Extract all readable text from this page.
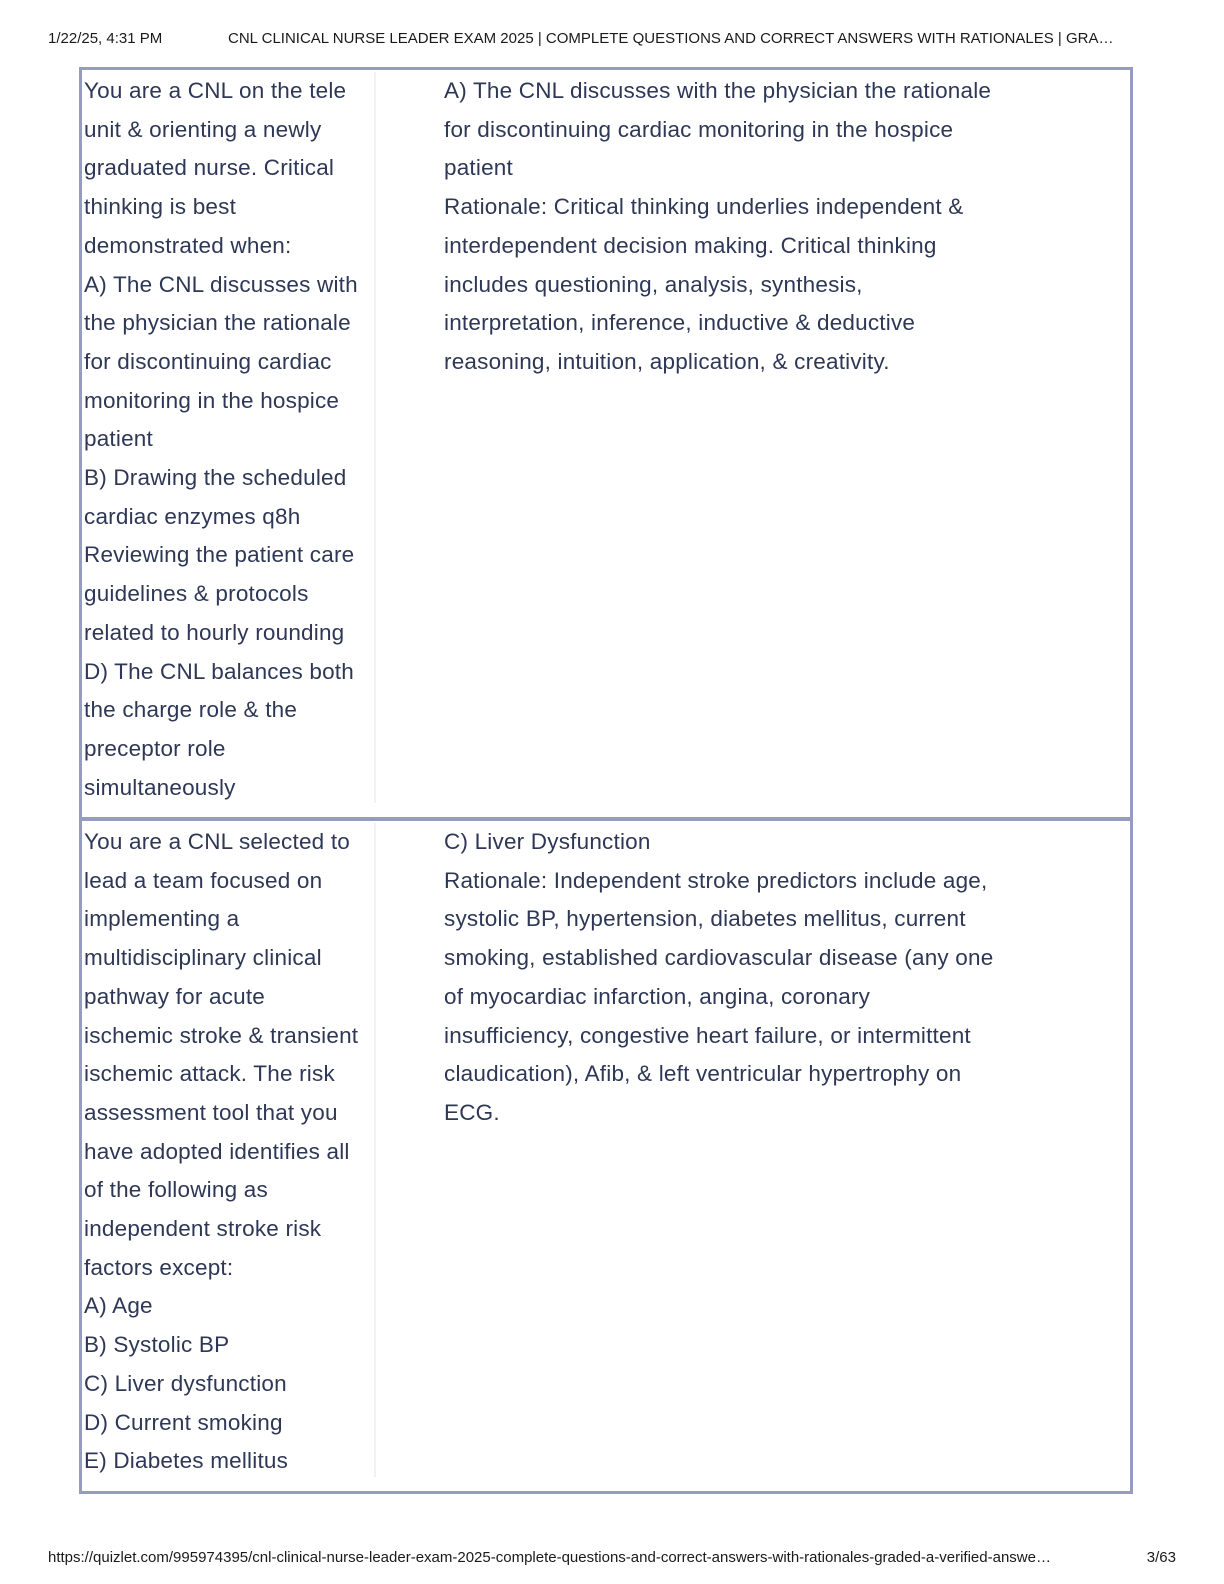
1/22/25, 4:31 PM	CNL CLINICAL NURSE LEADER EXAM 2025 | COMPLETE QUESTIONS AND CORRECT ANSWERS WITH RATIONALES | GRA…
You are a CNL on the tele
unit & orienting a newly
graduated nurse. Critical
thinking is best
demonstrated when:
A) The CNL discusses with
the physician the rationale
for discontinuing cardiac
monitoring in the hospice
patient
B) Drawing the scheduled
cardiac enzymes q8h
Reviewing the patient care
guidelines & protocols
related to hourly rounding
D) The CNL balances both
the charge role & the
preceptor role
simultaneously
A) The CNL discusses with the physician the rationale
for discontinuing cardiac monitoring in the hospice
patient
Rationale: Critical thinking underlies independent &
interdependent decision making. Critical thinking
includes questioning, analysis, synthesis,
interpretation, inference, inductive & deductive
reasoning, intuition, application, & creativity.
You are a CNL selected to
lead a team focused on
implementing a
multidisciplinary clinical
pathway for acute
ischemic stroke & transient
ischemic attack. The risk
assessment tool that you
have adopted identifies all
of the following as
independent stroke risk
factors except:
A) Age
B) Systolic BP
C) Liver dysfunction
D) Current smoking
E) Diabetes mellitus
C) Liver Dysfunction
Rationale: Independent stroke predictors include age,
systolic BP, hypertension, diabetes mellitus, current
smoking, established cardiovascular disease (any one
of myocardiac infarction, angina, coronary
insufficiency, congestive heart failure, or intermittent
claudication), Afib, & left ventricular hypertrophy on
ECG.
https://quizlet.com/995974395/cnl-clinical-nurse-leader-exam-2025-complete-questions-and-correct-answers-with-rationales-graded-a-verified-answe…	3/63
